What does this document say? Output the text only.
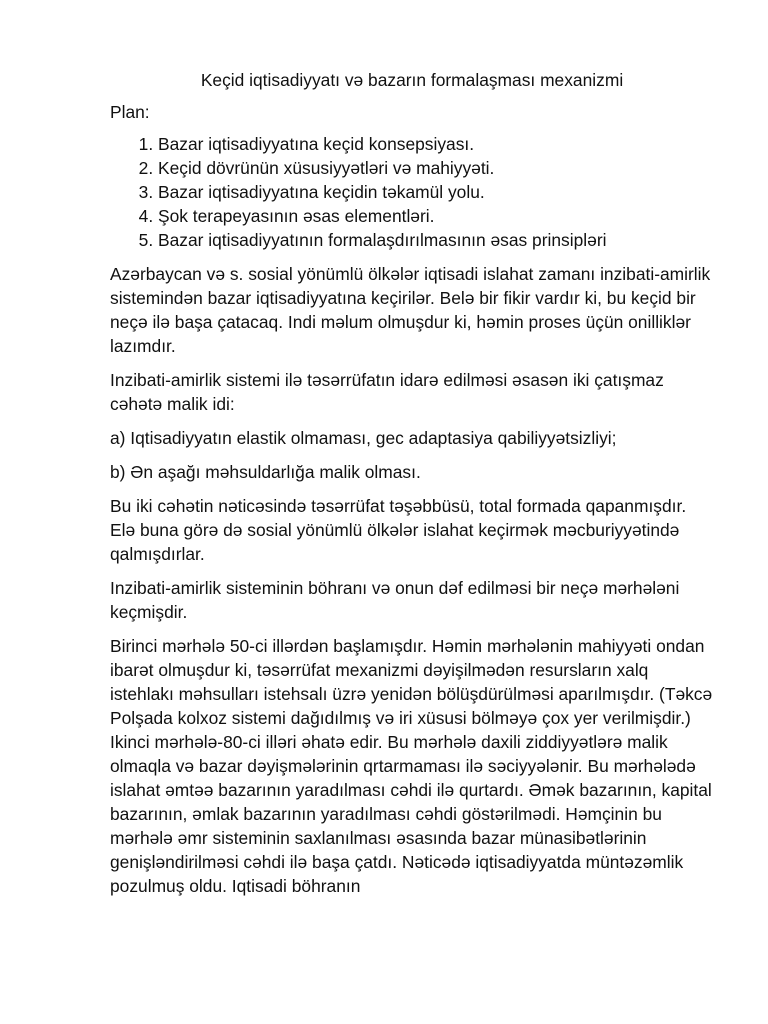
Keçid iqtisadiyyatı və bazarın formalaşması mexanizmi
Plan:
1. Bazar iqtisadiyyatına keçid konsepsiyası.
2. Keçid dövrünün xüsusiyyətləri və mahiyyəti.
3. Bazar iqtisadiyyatına keçidin təkamül yolu.
4. Şok terapeyasının əsas elementləri.
5. Bazar iqtisadiyyatının formalaşdırılmasının əsas prinsipləri

Azərbaycan və s. sosial yönümlü ölkələr iqtisadi islahat zamanı inzibati-amirlik sistemindən bazar iqtisadiyyatına keçirilər. Belə bir fikir vardır ki, bu keçid bir neçə ilə başa çatacaq. Indi məlum olmuşdur ki, həmin proses üçün onilliklər lazımdır.

Inzibati-amirlik sistemi ilə təsərrüfatın idarə edilməsi əsasən iki çatışmaz cəhətə malik idi:

a) Iqtisadiyyatın elastik olmaması, gec adaptasiya qabiliyyətsizliyi;

b) Ən aşağı məhsuldarlığa malik olması.

Bu iki cəhətin nəticəsində təsərrüfat təşəbbüsü, total formada qapanmışdır. Elə buna görə də sosial yönümlü ölkələr islahat keçirmək məcburiyyətində qalmışdırlar.

Inzibati-amirlik sisteminin böhranı və onun dəf edilməsi bir neçə mərhələni keçmişdir.

Birinci mərhələ 50-ci illərdən başlamışdır. Həmin mərhələnin mahiyyəti ondan ibarət olmuşdur ki, təsərrüfat mexanizmi dəyişilmədən resursların xalq istehlakı məhsulları istehsalı üzrə yenidən bölüşdürülməsi aparılmışdır. (Təkcə Polşada kolxoz sistemi dağıdılmış və iri xüsusi bölməyə çox yer verilmişdir.)

Ikinci mərhələ-80-ci illəri əhatə edir. Bu mərhələ daxili ziddiyyətlərə malik olmaqla və bazar dəyişmələrinin qrtarmaması ilə səciyyələnir. Bu mərhələdə islahat əmtəə bazarının yaradılması cəhdi ilə qurtardı. Əmək bazarının, kapital bazarının, əmlak bazarının yaradılması cəhdi göstərilmədi. Həmçinin bu mərhələ əmr sisteminin saxlanılması əsasında bazar münasibətlərinin genişləndirilməsi cəhdi ilə başa çatdı. Nəticədə iqtisadiyyatda müntəzəmlik pozulmuş oldu. Iqtisadi böhranın
